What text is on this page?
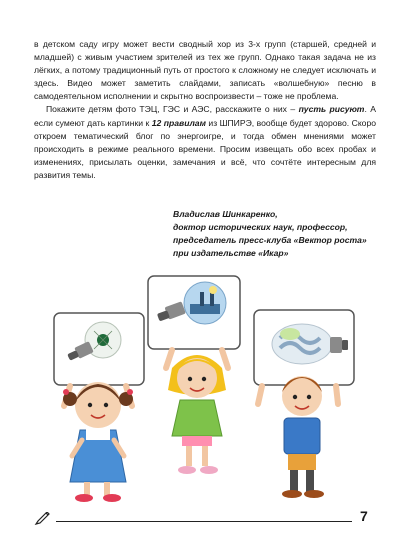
в детском саду игру может вести сводный хор из 3-х групп (старшей, средней и младшей) с живым участием зрителей из тех же групп. Однако такая задача не из лёгких, а потому традиционный путь от простого к сложному не следует исключать и здесь. Видео может заметить слайдами, записать «волшебную» песню в самодеятельном исполнении и скрытно воспроизвести – тоже не проблема.

Покажите детям фото ТЭЦ, ГЭС и АЭС, расскажите о них – пусть рисуют. А если сумеют дать картинки к 12 правилам из ШПИРЭ, вообще будет здорово. Скоро откроем тематический блог по энергоигре, и тогда обмен мнениями может происходить в режиме реального времени. Просим извещать обо всех пробах и изменениях, присылать оценки, замечания и всё, что сочтёте интересным для развития темы.

Владислав Шинкаренко,
доктор исторических наук, профессор,
председатель пресс-клуба «Вектор роста»
при издательстве «Икар»
7
